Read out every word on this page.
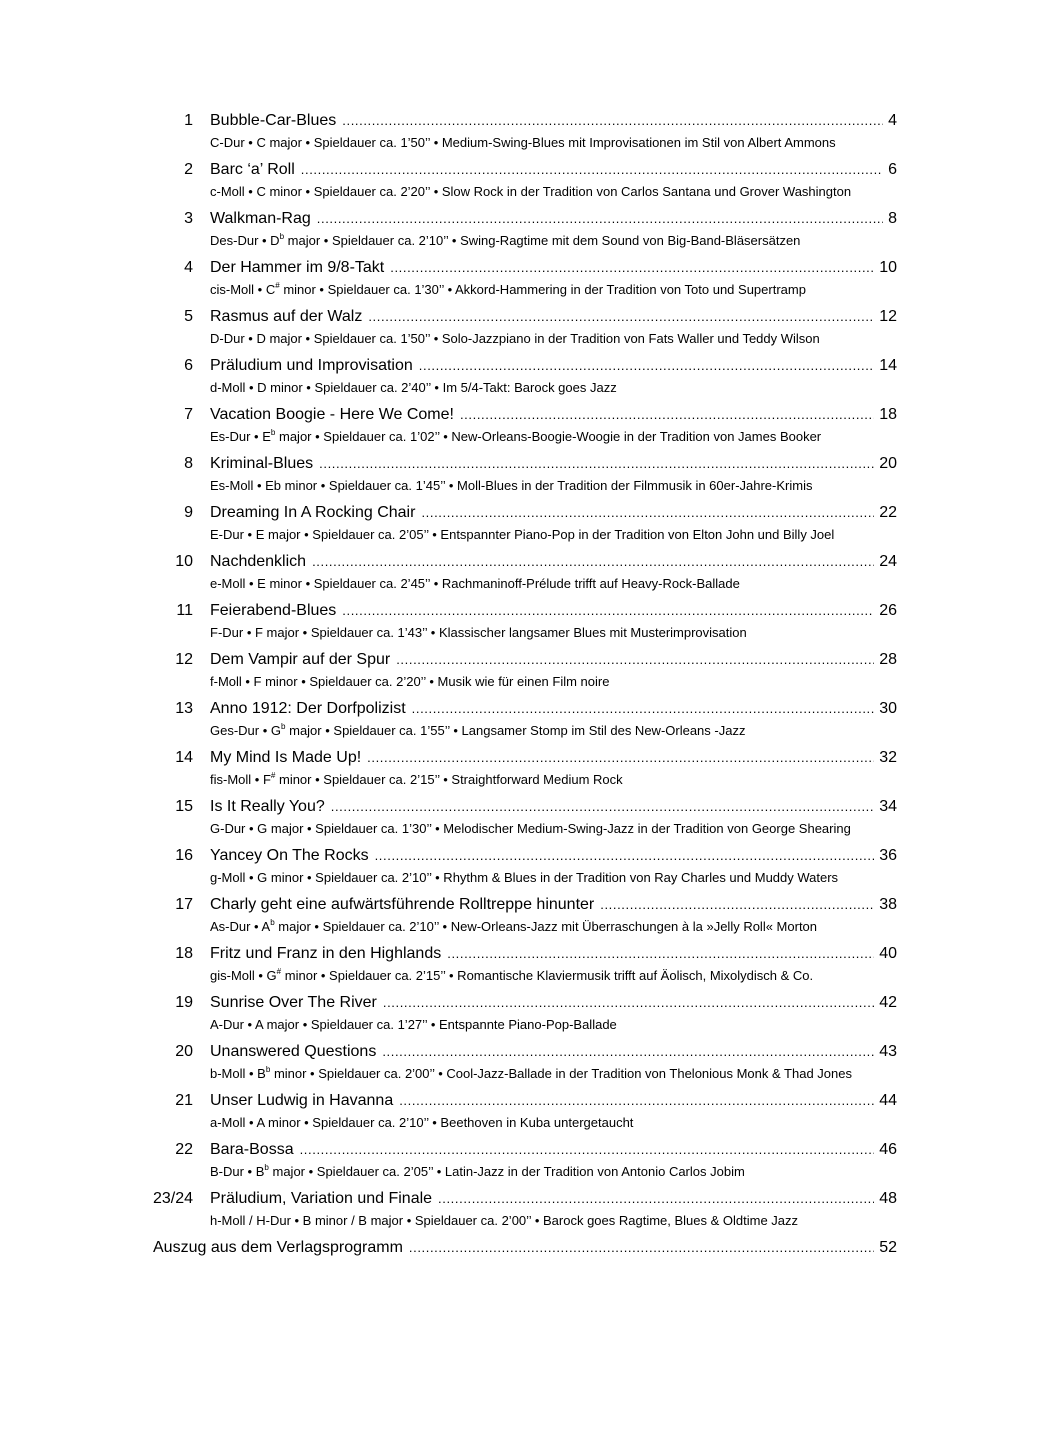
1 Bubble-Car-Blues .....	4
C-Dur • C major • Spieldauer ca. 1’50’’ • Medium-Swing-Blues mit Improvisationen im Stil von Albert Ammons
2 Barc ‘a’ Roll .....	6
c-Moll • C minor • Spieldauer ca. 2’20’’ • Slow Rock in der Tradition von Carlos Santana und Grover Washington
3 Walkman-Rag .....	8
Des-Dur • $D^b$ major • Spieldauer ca. 2’10’’ • Swing-Ragtime mit dem Sound von Big-Band-Bläsersätzen
4 Der Hammer im 9/8-Takt .....	10
cis-Moll • C# minor • Spieldauer ca. 1’30’’ • Akkord-Hammering in der Tradition von Toto und Supertramp
5 Rasmus auf der Walz .....	12
D-Dur • D major • Spieldauer ca. 1’50’’ • Solo-Jazzpiano in der Tradition von Fats Waller und Teddy Wilson
6 Präludium und Improvisation .....	14
d-Moll • D minor • Spieldauer ca. 2’40’’ • Im 5/4-Takt: Barock goes Jazz
7 Vacation Boogie - Here We Come! .....	18
Es-Dur • $E^b$ major • Spieldauer ca. 1’02’’ • New-Orleans-Boogie-Woogie in der Tradition von James Booker
8 Kriminal-Blues .....	20
Es-Moll • Eb minor • Spieldauer ca. 1’45’’ • Moll-Blues in der Tradition der Filmmusik in 60er-Jahre-Krimis
9 Dreaming In A Rocking Chair .....	22
E-Dur • E major • Spieldauer ca. 2’05’’ • Entspannter Piano-Pop in der Tradition von Elton John und Billy Joel
10 Nachdenklich .....	24
e-Moll • E minor • Spieldauer ca. 2’45’’ • Rachmaninoff-Prélude trifft auf Heavy-Rock-Ballade
11 Feierabend-Blues .....	26
F-Dur • F major • Spieldauer ca. 1’43’’ • Klassischer langsamer Blues mit Musterimprovisation
12 Dem Vampir auf der Spur .....	28
f-Moll • F minor • Spieldauer ca. 2’20’’ • Musik wie für einen Film noire
13 Anno 1912: Der Dorfpolizist .....	30
Ges-Dur • $G^b$ major • Spieldauer ca. 1’55’’ • Langsamer Stomp im Stil des New-Orleans -Jazz
14 My Mind Is Made Up! .....	32
fis-Moll • F# minor • Spieldauer ca. 2’15’’ • Straightforward Medium Rock
15 Is It Really You? .....	34
G-Dur • G major • Spieldauer ca. 1’30’’ • Melodischer Medium-Swing-Jazz in der Tradition von George Shearing
16 Yancey On The Rocks .....	36
g-Moll • G minor • Spieldauer ca. 2’10’’ • Rhythm & Blues in der Tradition von Ray Charles und Muddy Waters
17 Charly geht eine aufwärtsführende Rolltreppe hinunter .....	38
As-Dur • $A^b$ major • Spieldauer ca. 2’10’’ • New-Orleans-Jazz mit Überraschungen à la »Jelly Roll« Morton
18 Fritz und Franz in den Highlands .....	40
gis-Moll • G# minor • Spieldauer ca. 2’15’’ • Romantische Klaviermusik trifft auf Äolisch, Mixolydisch & Co.
19 Sunrise Over The River .....	42
A-Dur • A major • Spieldauer ca. 1’27’’ • Entspannte Piano-Pop-Ballade
20 Unanswered Questions .....	43
b-Moll • $B^b$ minor • Spieldauer ca. 2’00’’ • Cool-Jazz-Ballade in der Tradition von Thelonious Monk & Thad Jones
21 Unser Ludwig in Havanna .....	44
a-Moll • A minor • Spieldauer ca. 2’10’’ • Beethoven in Kuba untergetaucht
22 Bara-Bossa .....	46
B-Dur • $B^b$ major • Spieldauer ca. 2’05’’ • Latin-Jazz in der Tradition von Antonio Carlos Jobim
23/24 Präludium, Variation und Finale .....	48
h-Moll / H-Dur • B minor / B major • Spieldauer ca. 2’00’’ • Barock goes Ragtime, Blues & Oldtime Jazz
Auszug aus dem Verlagsprogramm .....	52
